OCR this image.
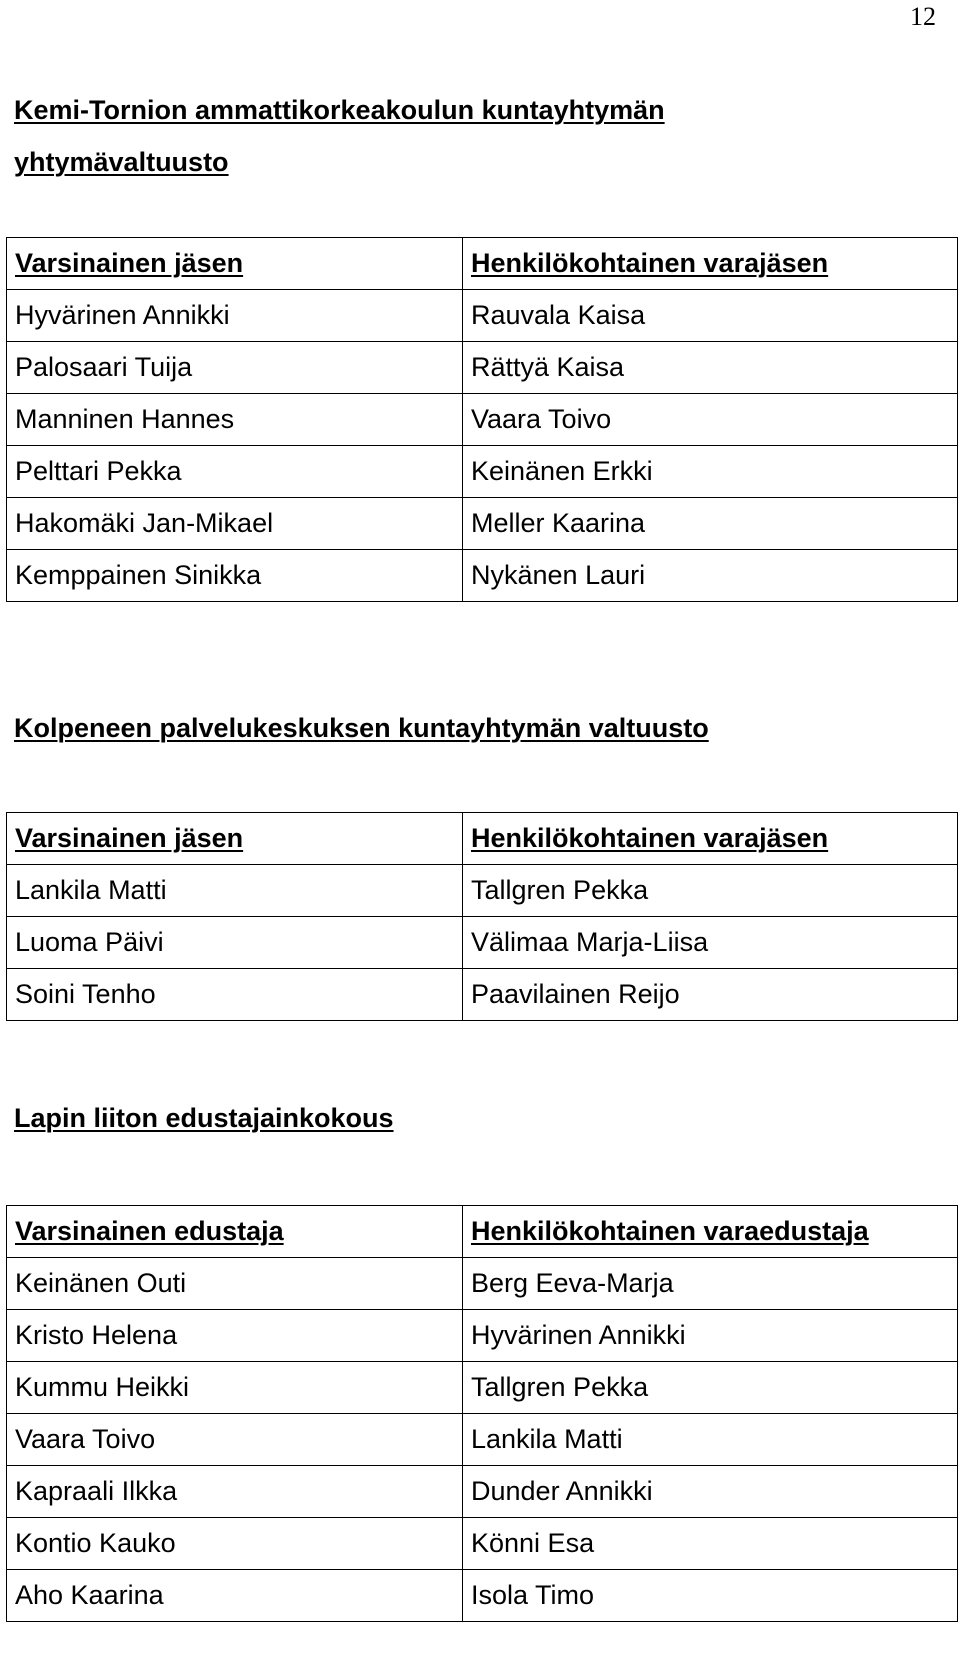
12
Kemi-Tornion ammattikorkeakoulun kuntayhtymän
yhtymävaltuusto
Varsinainen jäsen	Henkilökohtainen varajäsen
Hyvärinen Annikki	Rauvala Kaisa
Palosaari Tuija	Rättyä Kaisa
Manninen Hannes	Vaara Toivo
Pelttari Pekka	Keinänen Erkki
Hakomäki Jan-Mikael	Meller Kaarina
Kemppainen Sinikka	Nykänen Lauri
Kolpeneen palvelukeskuksen kuntayhtymän valtuusto
Varsinainen jäsen	Henkilökohtainen varajäsen
Lankila Matti	Tallgren Pekka
Luoma Päivi	Välimaa Marja-Liisa
Soini Tenho	Paavilainen Reijo
Lapin liiton edustajainkokous
Varsinainen edustaja	Henkilökohtainen varaedustaja
Keinänen Outi	Berg Eeva-Marja
Kristo Helena	Hyvärinen Annikki
Kummu Heikki	Tallgren Pekka
Vaara Toivo	Lankila Matti
Kapraali Ilkka	Dunder Annikki
Kontio Kauko	Könni Esa
Aho Kaarina	Isola Timo
